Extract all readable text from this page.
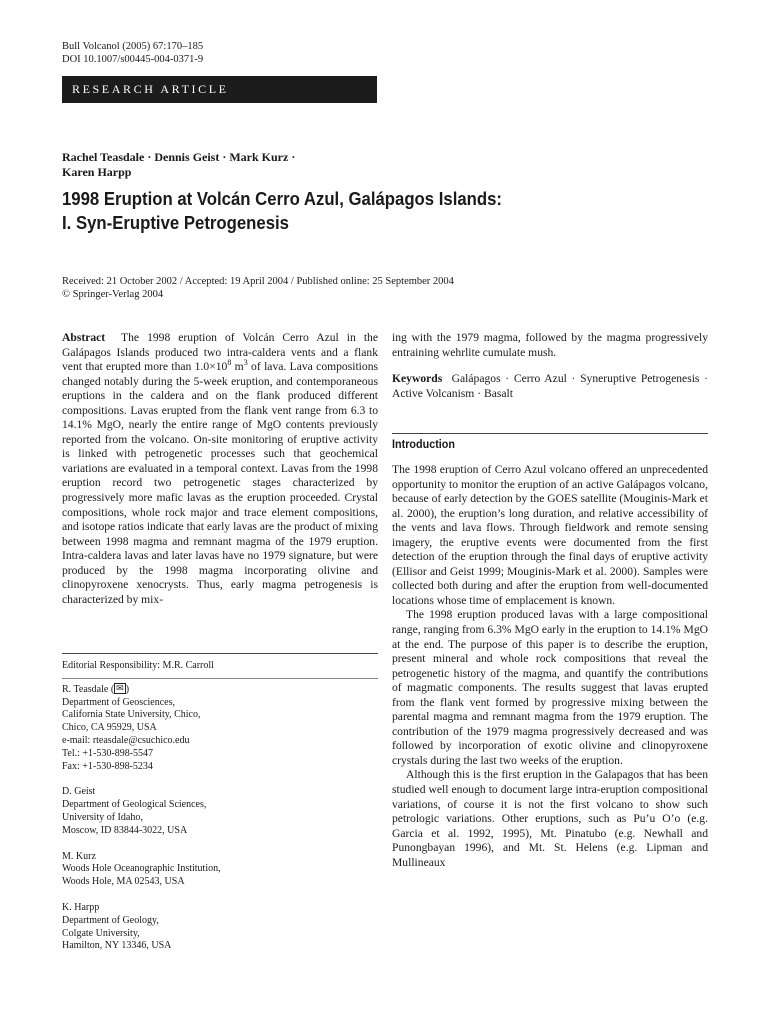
Bull Volcanol (2005) 67:170–185
DOI 10.1007/s00445-004-0371-9
RESEARCH ARTICLE
Rachel Teasdale · Dennis Geist · Mark Kurz ·
Karen Harpp
1998 Eruption at Volcán Cerro Azul, Galápagos Islands:
I. Syn-Eruptive Petrogenesis
Received: 21 October 2002 / Accepted: 19 April 2004 / Published online: 25 September 2004
© Springer-Verlag 2004

Abstract The 1998 eruption of Volcán Cerro Azul in the Galápagos Islands produced two intra-caldera vents and a flank vent that erupted more than $1.0\times 10^8$ $m^3$ of lava. Lava compositions changed notably during the 5-week eruption, and contemporaneous eruptions in the caldera and on the flank produced different compositions. Lavas erupted from the flank vent range from 6.3 to 14.1% MgO, nearly the entire range of MgO contents previously reported from the volcano. On-site monitoring of eruptive activity is linked with petrogenetic processes such that geochemical variations are evaluated in a temporal context. Lavas from the 1998 eruption record two petrogenetic stages characterized by progressively more mafic lavas as the eruption proceeded. Crystal compositions, whole rock major and trace element compositions, and isotope ratios indicate that early lavas are the product of mixing between 1998 magma and remnant magma of the 1979 eruption. Intra-caldera lavas and later lavas have no 1979 signature, but were produced by the 1998 magma incorporating olivine and clinopyroxene xenocrysts. Thus, early magma petrogenesis is characterized by mix-

Editorial Responsibility: M.R. Carroll
R. Teasdale ( ✉ )
Department of Geosciences,
California State University, Chico,
Chico, CA 95929, USA
e-mail: rteasdale@csuchico.edu
Tel.: +1-530-898-5547
Fax: +1-530-898-5234
D. Geist
Department of Geological Sciences,
University of Idaho,
Moscow, ID 83844-3022, USA
M. Kurz
Woods Hole Oceanographic Institution,
Woods Hole, MA 02543, USA
K. Harpp
Department of Geology,
Colgate University,
Hamilton, NY 13346, USA

ing with the 1979 magma, followed by the magma progressively entraining wehrlite cumulate mush.

Keywords Galápagos · Cerro Azul · Syneruptive Petrogenesis · Active Volcanism · Basalt

Introduction

The 1998 eruption of Cerro Azul volcano offered an unprecedented opportunity to monitor the eruption of an active Galápagos volcano, because of early detection by the GOES satellite (Mouginis-Mark et al. 2000), the eruption’s long duration, and relative accessibility of the vents and lava flows. Through fieldwork and remote sensing imagery, the eruptive events were documented from the first detection of the eruption through the final days of eruptive activity (Ellisor and Geist 1999; Mouginis-Mark et al. 2000). Samples were collected both during and after the eruption from well-documented locations whose time of emplacement is known.

The 1998 eruption produced lavas with a large compositional range, ranging from 6.3% MgO early in the eruption to 14.1% MgO at the end. The purpose of this paper is to describe the eruption, present mineral and whole rock compositions that reveal the petrogenetic history of the magma, and quantify the contributions of magmatic components. The results suggest that lavas erupted from the flank vent formed by progressive mixing between the parental magma and remnant magma from the 1979 eruption. The contribution of the 1979 magma progressively decreased and was followed by incorporation of exotic olivine and clinopyroxene crystals during the last two weeks of the eruption.

Although this is the first eruption in the Galapagos that has been studied well enough to document large intra-eruption compositional variations, of course it is not the first volcano to show such petrologic variations. Other eruptions, such as Pu’u O’o (e.g. Garcia et al. 1992, 1995), Mt. Pinatubo (e.g. Newhall and Punongbayan 1996), and Mt. St. Helens (e.g. Lipman and Mullineaux
